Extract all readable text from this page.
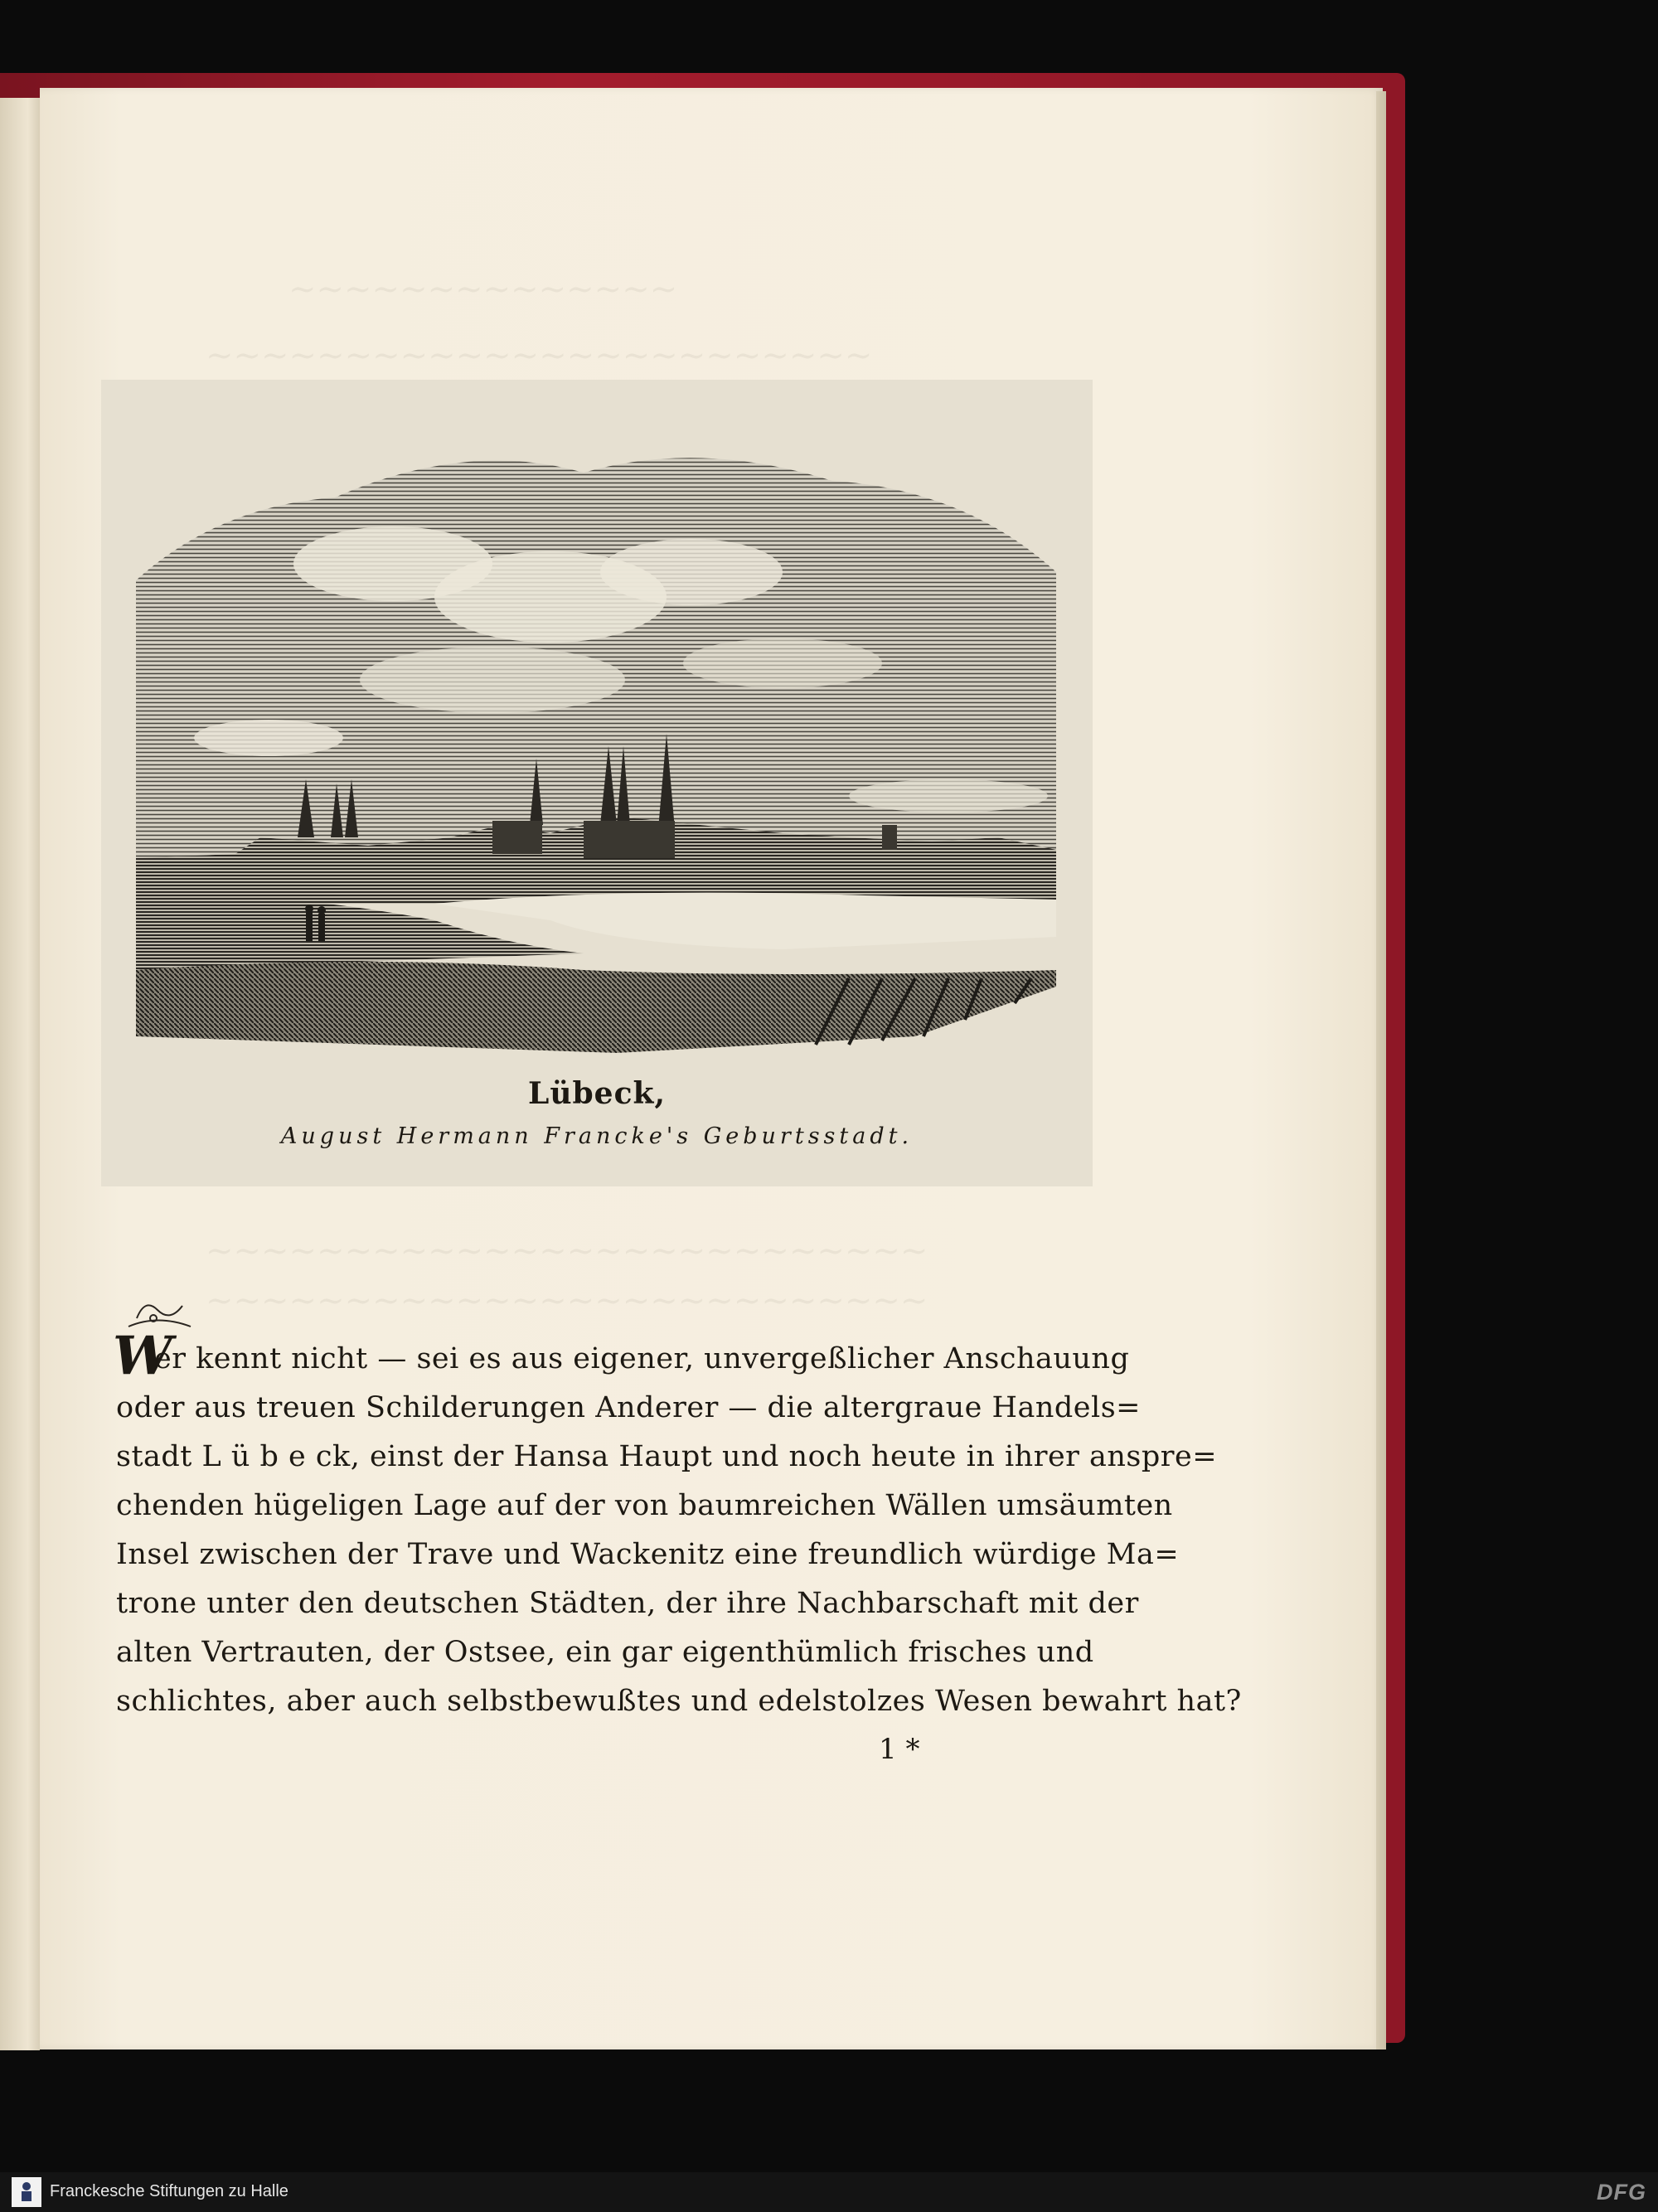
∼∼∼∼∼∼∼∼∼∼∼∼∼∼
∼∼∼∼∼∼∼∼∼∼∼∼∼∼∼∼∼∼∼∼∼∼∼∼
∼∼∼∼∼∼∼∼∼∼∼∼∼∼∼∼∼∼∼∼∼∼∼∼∼∼
∼∼∼∼∼∼∼∼∼∼∼∼∼∼∼∼∼∼∼∼∼∼∼∼∼∼
Lübeck,
August Hermann Francke's Geburtsstadt.
W
er kennt nicht — sei es aus eigener, unvergeßlicher Anschauung
oder aus treuen Schilderungen Anderer — die altergraue Handels=
stadt L ü b e ck, einst der Hansa Haupt und noch heute in ihrer anspre=
chenden hügeligen Lage auf der von baumreichen Wällen umsäumten
Insel zwischen der Trave und Wackenitz eine freundlich würdige Ma=
trone unter den deutschen Städten, der ihre Nachbarschaft mit der
alten Vertrauten, der Ostsee, ein gar eigenthümlich frisches und
schlichtes, aber auch selbstbewußtes und edelstolzes Wesen bewahrt hat?
1 *
Franckesche Stiftungen zu Halle	DFG
